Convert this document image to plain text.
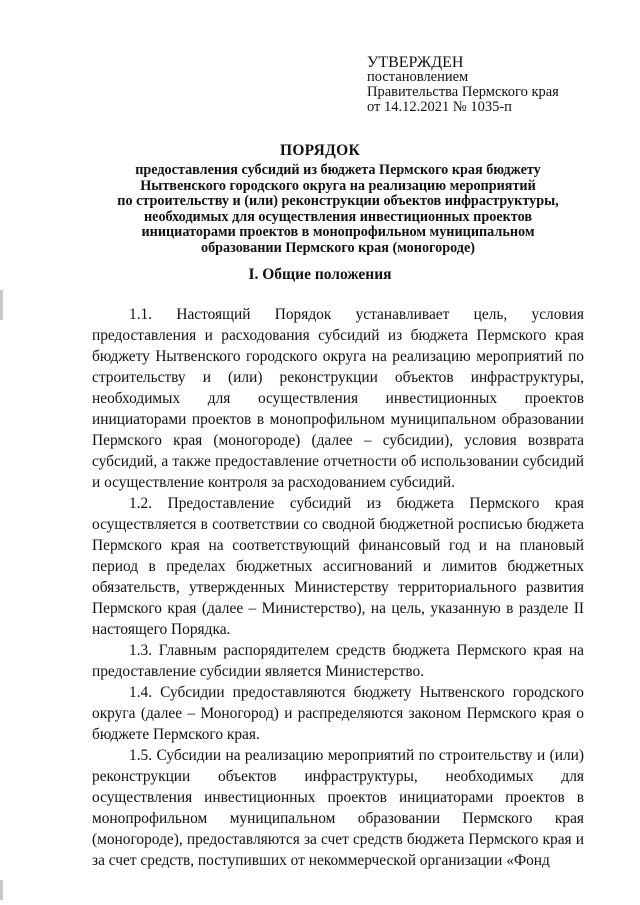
УТВЕРЖДЕН
постановлением
Правительства Пермского края
от 14.12.2021 № 1035-п
ПОРЯДОК
предоставления субсидий из бюджета Пермского края бюджету
Нытвенского городского округа на реализацию мероприятий
по строительству и (или) реконструкции объектов инфраструктуры,
необходимых для осуществления инвестиционных проектов
инициаторами проектов в монопрофильном муниципальном
образовании Пермского края (моногороде)
I. Общие положения

1.1. Настоящий Порядок устанавливает цель, условия предоставления и расходования субсидий из бюджета Пермского края бюджету Нытвенского городского округа на реализацию мероприятий по строительству и (или) реконструкции объектов инфраструктуры, необходимых для осуществления инвестиционных проектов инициаторами проектов в монопрофильном муниципальном образовании Пермского края (моногороде) (далее – субсидии), условия возврата субсидий, а также предоставление отчетности об использовании субсидий и осуществление контроля за расходованием субсидий.

1.2. Предоставление субсидий из бюджета Пермского края осуществляется в соответствии со сводной бюджетной росписью бюджета Пермского края на соответствующий финансовый год и на плановый период в пределах бюджетных ассигнований и лимитов бюджетных обязательств, утвержденных Министерству территориального развития Пермского края (далее – Министерство), на цель, указанную в разделе II настоящего Порядка.

1.3. Главным распорядителем средств бюджета Пермского края на предоставление субсидии является Министерство.

1.4. Субсидии предоставляются бюджету Нытвенского городского округа (далее – Моногород) и распределяются законом Пермского края о бюджете Пермского края.

1.5. Субсидии на реализацию мероприятий по строительству и (или) реконструкции объектов инфраструктуры, необходимых для осуществления инвестиционных проектов инициаторами проектов в монопрофильном муниципальном образовании Пермского края (моногороде), предоставляются за счет средств бюджета Пермского края и за счет средств, поступивших от некоммерческой организации «Фонд
